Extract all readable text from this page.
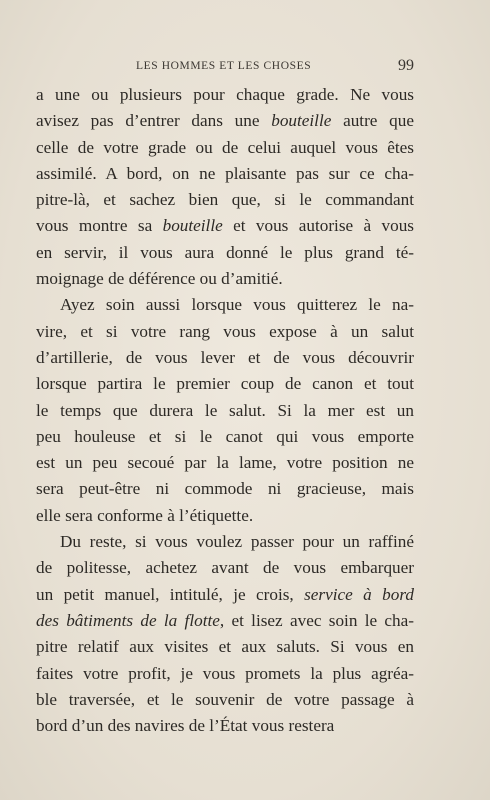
LES HOMMES ET LES CHOSES	99
a une ou plusieurs pour chaque grade. Ne vous
avisez pas d’entrer dans une bouteille autre que
celle de votre grade ou de celui auquel vous êtes
assimilé. A bord, on ne plaisante pas sur ce cha-
pitre-là, et sachez bien que, si le commandant
vous montre sa bouteille et vous autorise à vous
en servir, il vous aura donné le plus grand té-
moignage de déférence ou d’amitié.
Ayez soin aussi lorsque vous quitterez le na-
vire, et si votre rang vous expose à un salut
d’artillerie, de vous lever et de vous découvrir
lorsque partira le premier coup de canon et tout
le temps que durera le salut. Si la mer est un
peu houleuse et si le canot qui vous emporte
est un peu secoué par la lame, votre position ne
sera peut-être ni commode ni gracieuse, mais
elle sera conforme à l’étiquette.
Du reste, si vous voulez passer pour un raffiné
de politesse, achetez avant de vous embarquer
un petit manuel, intitulé, je crois, service à bord
des bâtiments de la flotte, et lisez avec soin le cha-
pitre relatif aux visites et aux saluts. Si vous en
faites votre profit, je vous promets la plus agréa-
ble traversée, et le souvenir de votre passage à
bord d’un des navires de l’État vous restera
